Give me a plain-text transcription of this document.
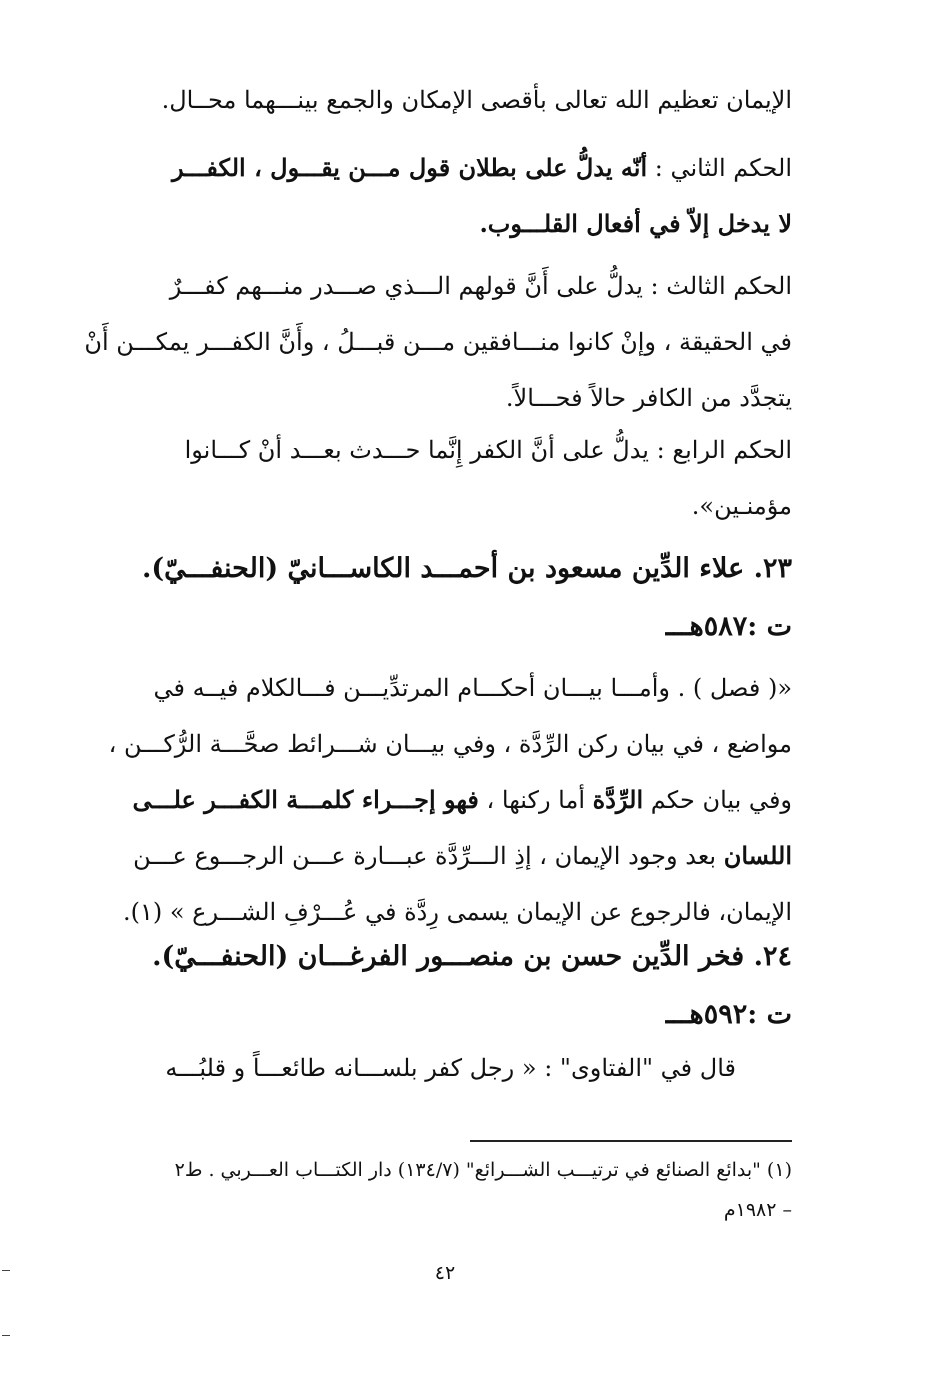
الإيمان تعظيم الله تعالى بأقصى الإمكان والجمع بينـــهما محــال.
الحكم الثاني : أنّه يدلُّ على بطلان قول مـــن يقـــول ، الكفـــر
لا يدخل إلاّ في أفعال القلـــوب.
الحكم الثالث : يدلُّ على أَنَّ قولهم الـــذي صـــدر منـــهم كفـــرٌ
في الحقيقة ، وإنْ كانوا منـــافقين مـــن قبـــلُ ، وأَنَّ الكفـــر يمكـــن أَنْ
يتجدَّد من الكافر حالاً فحـــالاً.
الحكم الرابع : يدلُّ على أنَّ الكفر إِنَّما حـــدث بعـــد أنْ كـــانوا
مؤمنـين».
٢٣. علاء الدِّين مسعود بن أحمـــد الكاســـانيّ (الحنفـــيّ).
ت :٥٨٧هـــ
«( فصل ) . وأمـــا بيـــان أحكـــام المرتدِّيـــن فـــالكلام فيــه في
مواضع ، في بيان ركن الرِّدَّة ، وفي بيـــان شـــرائط صحَّـــة الرُّكـــن ،
وفي بيان حكم الرِّدَّة أما ركنها ، فهو إجـــراء كلمـــة الكفـــر علـــى
اللسان بعد وجود الإيمان ، إذِ الـــرِّدَّة عبـــارة عـــن الرجـــوع عـــن
الإيمان، فالرجوع عن الإيمان يسمى رِدَّة في عُـــرْفِ الشـــرع » (١).
٢٤. فخر الدِّين حسن بن منصـــور الفرغـــان (الحنفـــيّ).
ت :٥٩٢هـــ
قال في "الفتاوى" : « رجل كفر بلســـانه طائعـــاً و قلبُـــه
(١) "بدائع الصنائع في ترتيـــب الشـــرائع" (١٣٤/٧) دار الكتـــاب العـــربي . ط٢
– ١٩٨٢م
٤٢
